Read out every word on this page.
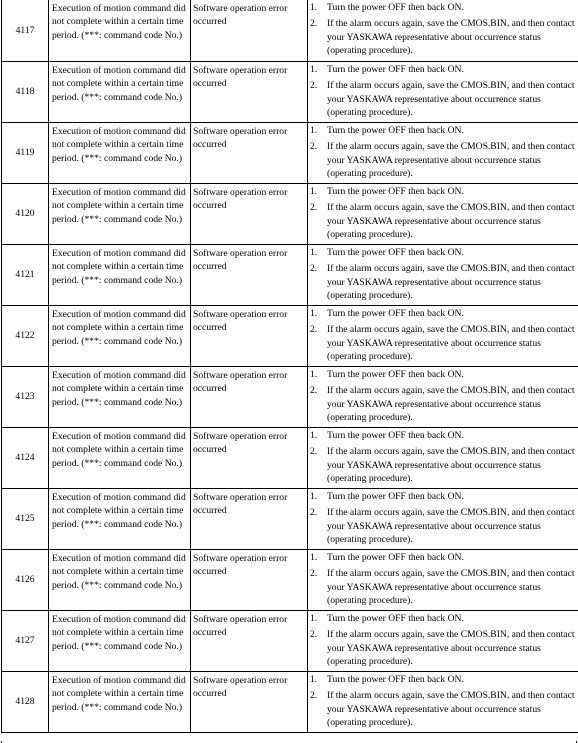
4117
Execution of motion command did not complete within a certain time period. (***: command code No.)
Software operation error occurred
1.	Turn the power OFF then back ON.
2.	If the alarm occurs again, save the CMOS.BIN, and then contact your YASKAWA representative about occurrence status (operating procedure).
4118
Execution of motion command did not complete within a certain time period. (***: command code No.)
Software operation error occurred
1.	Turn the power OFF then back ON.
2.	If the alarm occurs again, save the CMOS.BIN, and then contact your YASKAWA representative about occurrence status (operating procedure).
4119
Execution of motion command did not complete within a certain time period. (***: command code No.)
Software operation error occurred
1.	Turn the power OFF then back ON.
2.	If the alarm occurs again, save the CMOS.BIN, and then contact your YASKAWA representative about occurrence status (operating procedure).
4120
Execution of motion command did not complete within a certain time period. (***: command code No.)
Software operation error occurred
1.	Turn the power OFF then back ON.
2.	If the alarm occurs again, save the CMOS.BIN, and then contact your YASKAWA representative about occurrence status (operating procedure).
4121
Execution of motion command did not complete within a certain time period. (***: command code No.)
Software operation error occurred
1.	Turn the power OFF then back ON.
2.	If the alarm occurs again, save the CMOS.BIN, and then contact your YASKAWA representative about occurrence status (operating procedure).
4122
Execution of motion command did not complete within a certain time period. (***: command code No.)
Software operation error occurred
1.	Turn the power OFF then back ON.
2.	If the alarm occurs again, save the CMOS.BIN, and then contact your YASKAWA representative about occurrence status (operating procedure).
4123
Execution of motion command did not complete within a certain time period. (***: command code No.)
Software operation error occurred
1.	Turn the power OFF then back ON.
2.	If the alarm occurs again, save the CMOS.BIN, and then contact your YASKAWA representative about occurrence status (operating procedure).
4124
Execution of motion command did not complete within a certain time period. (***: command code No.)
Software operation error occurred
1.	Turn the power OFF then back ON.
2.	If the alarm occurs again, save the CMOS.BIN, and then contact your YASKAWA representative about occurrence status (operating procedure).
4125
Execution of motion command did not complete within a certain time period. (***: command code No.)
Software operation error occurred
1.	Turn the power OFF then back ON.
2.	If the alarm occurs again, save the CMOS.BIN, and then contact your YASKAWA representative about occurrence status (operating procedure).
4126
Execution of motion command did not complete within a certain time period. (***: command code No.)
Software operation error occurred
1.	Turn the power OFF then back ON.
2.	If the alarm occurs again, save the CMOS.BIN, and then contact your YASKAWA representative about occurrence status (operating procedure).
4127
Execution of motion command did not complete within a certain time period. (***: command code No.)
Software operation error occurred
1.	Turn the power OFF then back ON.
2.	If the alarm occurs again, save the CMOS.BIN, and then contact your YASKAWA representative about occurrence status (operating procedure).
4128
Execution of motion command did not complete within a certain time period. (***: command code No.)
Software operation error occurred
1.	Turn the power OFF then back ON.
2.	If the alarm occurs again, save the CMOS.BIN, and then contact your YASKAWA representative about occurrence status (operating procedure).
